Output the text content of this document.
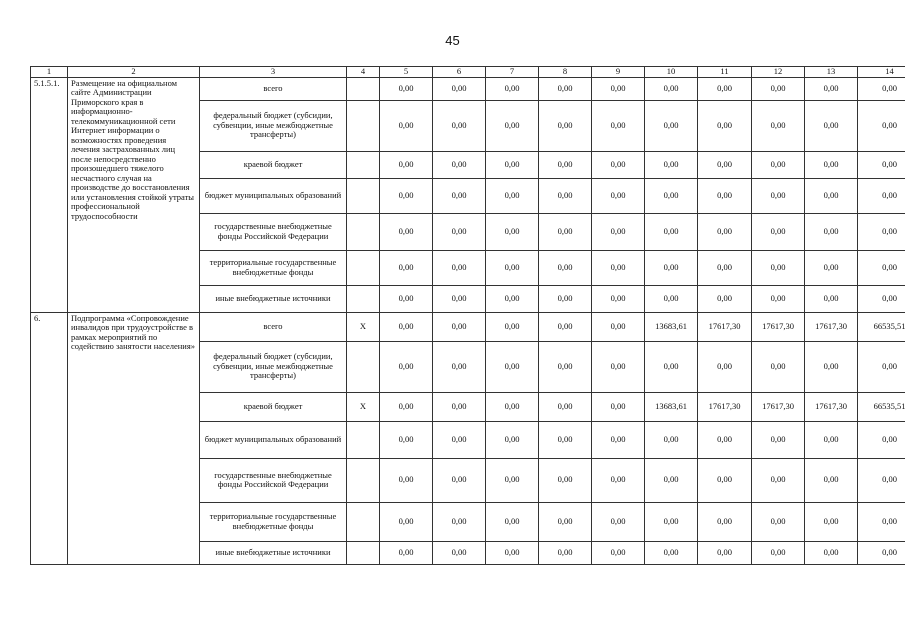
45
1	2	3	4	5	6	7	8	9	10	11	12	13	14
5.1.5.1.	Размещение на официальном сайте Администрации Приморского края в информационно-телекоммуникационной сети Интернет информации о возможностях проведения лечения застрахованных лиц после непосредственно произошедшего тяжелого несчастного случая на производстве до восстановления или установления стойкой утраты профессиональной трудоспособности	всего		0,00	0,00	0,00	0,00	0,00	0,00	0,00	0,00	0,00	0,00
		федеральный бюджет (субсидии, субвенции, иные межбюджетные трансферты)		0,00	0,00	0,00	0,00	0,00	0,00	0,00	0,00	0,00	0,00
		краевой бюджет		0,00	0,00	0,00	0,00	0,00	0,00	0,00	0,00	0,00	0,00
		бюджет муниципальных образований		0,00	0,00	0,00	0,00	0,00	0,00	0,00	0,00	0,00	0,00
		государственные внебюджетные фонды Российской Федерации		0,00	0,00	0,00	0,00	0,00	0,00	0,00	0,00	0,00	0,00
		территориальные государственные внебюджетные фонды		0,00	0,00	0,00	0,00	0,00	0,00	0,00	0,00	0,00	0,00
		иные внебюджетные источники		0,00	0,00	0,00	0,00	0,00	0,00	0,00	0,00	0,00	0,00
6.	Подпрограмма «Сопровождение инвалидов при трудоустройстве в рамках мероприятий по содействию занятости населения»	всего	X	0,00	0,00	0,00	0,00	0,00	13683,61	17617,30	17617,30	17617,30	66535,51
		федеральный бюджет (субсидии, субвенции, иные межбюджетные трансферты)		0,00	0,00	0,00	0,00	0,00	0,00	0,00	0,00	0,00	0,00
		краевой бюджет	X	0,00	0,00	0,00	0,00	0,00	13683,61	17617,30	17617,30	17617,30	66535,51
		бюджет муниципальных образований		0,00	0,00	0,00	0,00	0,00	0,00	0,00	0,00	0,00	0,00
		государственные внебюджетные фонды Российской Федерации		0,00	0,00	0,00	0,00	0,00	0,00	0,00	0,00	0,00	0,00
		территориальные государственные внебюджетные фонды		0,00	0,00	0,00	0,00	0,00	0,00	0,00	0,00	0,00	0,00
		иные внебюджетные источники		0,00	0,00	0,00	0,00	0,00	0,00	0,00	0,00	0,00	0,00
